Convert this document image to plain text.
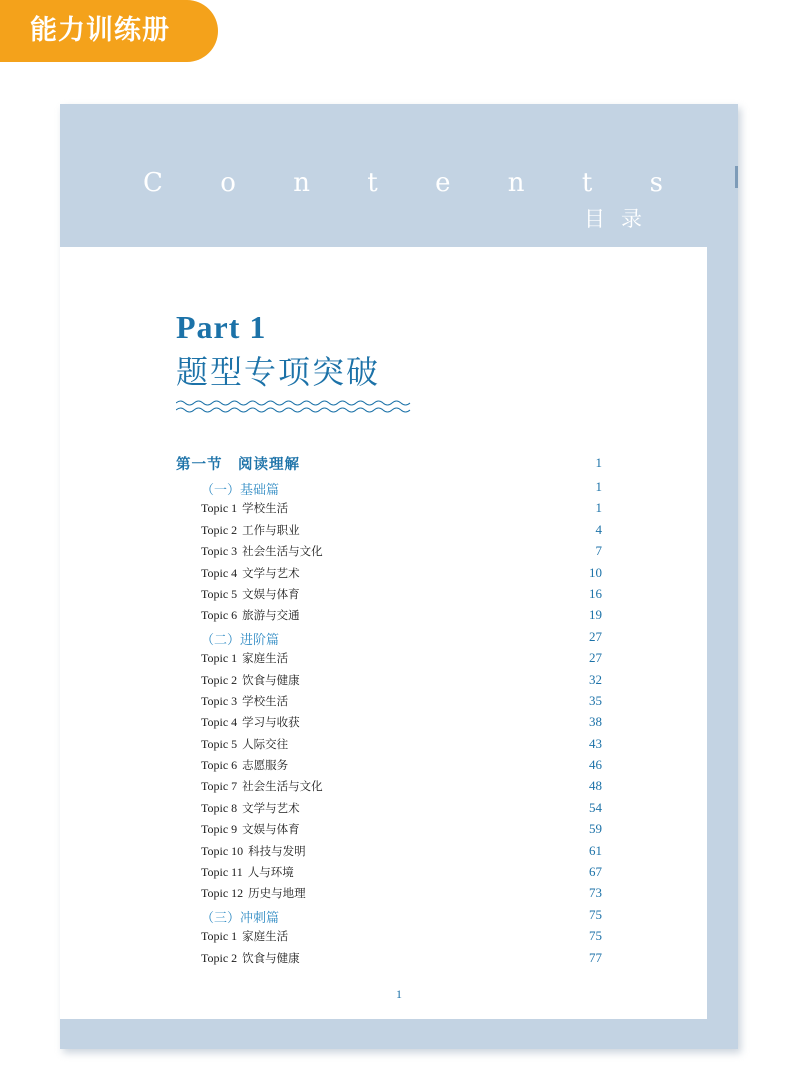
能力训练册
C o n t e n t s
目录
Part 1
题型专项突破
第一节　阅读理解	1
（一）基础篇	1
Topic 1 学校生活	1
Topic 2 工作与职业	4
Topic 3 社会生活与文化	7
Topic 4 文学与艺术	10
Topic 5 文娱与体育	16
Topic 6 旅游与交通	19
（二）进阶篇	27
Topic 1 家庭生活	27
Topic 2 饮食与健康	32
Topic 3 学校生活	35
Topic 4 学习与收获	38
Topic 5 人际交往	43
Topic 6 志愿服务	46
Topic 7 社会生活与文化	48
Topic 8 文学与艺术	54
Topic 9 文娱与体育	59
Topic 10 科技与发明	61
Topic 11 人与环境	67
Topic 12 历史与地理	73
（三）冲刺篇	75
Topic 1 家庭生活	75
Topic 2 饮食与健康	77
1
